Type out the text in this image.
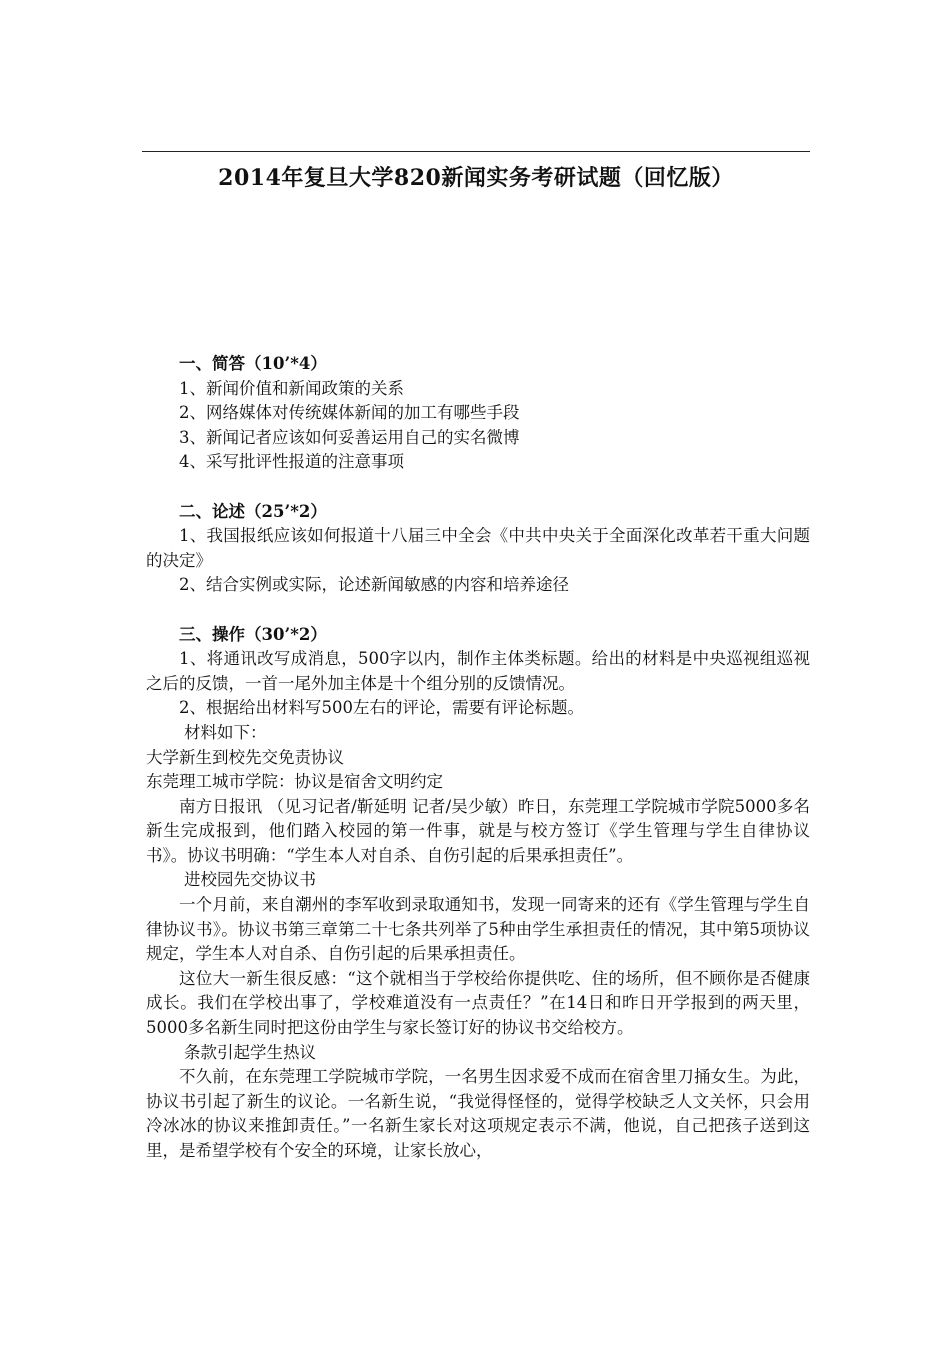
2014年复旦大学820新闻实务考研试题（回忆版）
一、简答（10’*4）
1、新闻价值和新闻政策的关系
2、网络媒体对传统媒体新闻的加工有哪些手段
3、新闻记者应该如何妥善运用自己的实名微博
4、采写批评性报道的注意事项
二、论述（25’*2）
1、我国报纸应该如何报道十八届三中全会《中共中央关于全面深化改革若干重大问题的决定》
2、结合实例或实际，论述新闻敏感的内容和培养途径
三、操作（30’*2）
1、将通讯改写成消息，500字以内，制作主体类标题。给出的材料是中央巡视组巡视之后的反馈，一首一尾外加主体是十个组分别的反馈情况。
2、根据给出材料写500左右的评论，需要有评论标题。
材料如下：
大学新生到校先交免责协议
东莞理工城市学院：协议是宿舍文明约定
南方日报讯 （见习记者/靳延明 记者/吴少敏）昨日，东莞理工学院城市学院5000多名新生完成报到，他们踏入校园的第一件事，就是与校方签订《学生管理与学生自律协议书》。协议书明确：“学生本人对自杀、自伤引起的后果承担责任”。
进校园先交协议书
一个月前，来自潮州的李军收到录取通知书，发现一同寄来的还有《学生管理与学生自律协议书》。协议书第三章第二十七条共列举了5种由学生承担责任的情况，其中第5项协议规定，学生本人对自杀、自伤引起的后果承担责任。
这位大一新生很反感：“这个就相当于学校给你提供吃、住的场所，但不顾你是否健康成长。我们在学校出事了，学校难道没有一点责任？”在14日和昨日开学报到的两天里，5000多名新生同时把这份由学生与家长签订好的协议书交给校方。
条款引起学生热议
不久前，在东莞理工学院城市学院，一名男生因求爱不成而在宿舍里刀捅女生。为此，协议书引起了新生的议论。一名新生说，“我觉得怪怪的，觉得学校缺乏人文关怀，只会用冷冰冰的协议来推卸责任。”一名新生家长对这项规定表示不满，他说，自己把孩子送到这里，是希望学校有个安全的环境，让家长放心，
